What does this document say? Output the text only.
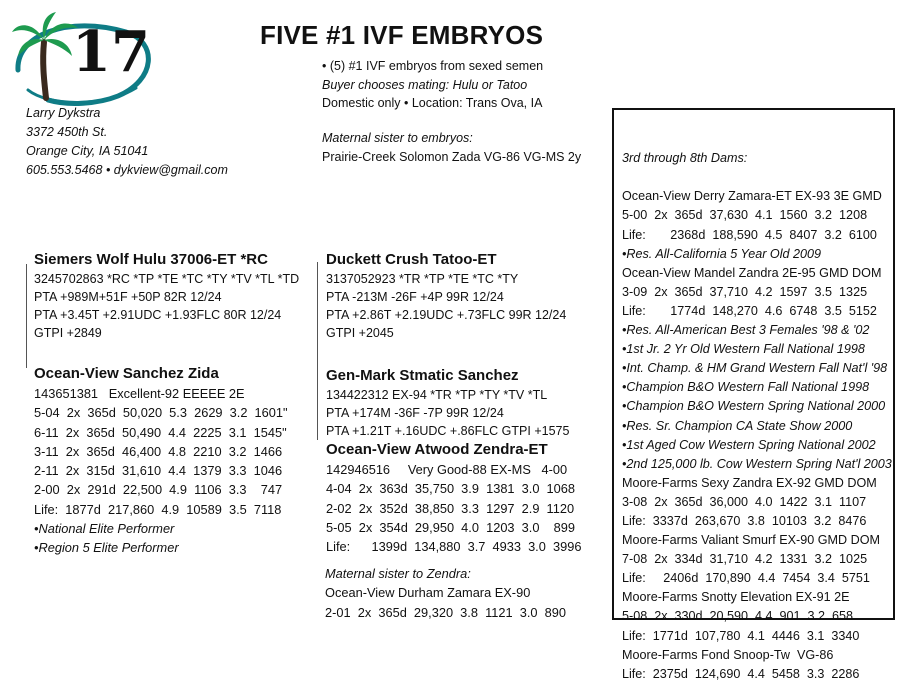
17	FIVE #1 IVF EMBRYOS
Larry Dykstra
3372 450th St.
Orange City, IA 51041
605.553.5468 • dykview@gmail.com
• (5) #1 IVF embryos from sexed semen
Buyer chooses mating: Hulu or Tatoo
Domestic only • Location: Trans Ova, IA
Maternal sister to embryos:
Prairie-Creek Solomon Zada VG-86 VG-MS 2y
Siemers Wolf Hulu 37006-ET *RC
3245702863 *RC *TP *TE *TC *TY *TV *TL *TD
PTA +989M+51F +50P 82R 12/24
PTA +3.45T +2.91UDC +1.93FLC 80R 12/24
GTPI +2849
Duckett Crush Tatoo-ET
3137052923 *TR *TP *TE *TC *TY
PTA -213M -26F +4P 99R 12/24
PTA +2.86T +2.19UDC +.73FLC 99R 12/24
GTPI +2045
Ocean-View Sanchez Zida
143651381   Excellent-92 EEEEE 2E
5-04  2x  365d  50,020  5.3  2629  3.2  1601"
6-11  2x  365d  50,490  4.4  2225  3.1  1545"
3-11  2x  365d  46,400  4.8  2210  3.2  1466
2-11  2x  315d  31,610  4.4  1379  3.3  1046
2-00  2x  291d  22,500  4.9  1106  3.3    747
Life:  1877d  217,860  4.9  10589  3.5  7118
•National Elite Performer
•Region 5 Elite Performer
Gen-Mark Stmatic Sanchez
134422312 EX-94 *TR *TP *TY *TV *TL
PTA +174M -36F -7P 99R 12/24
PTA +1.21T +.16UDC +.86FLC GTPI +1575
Ocean-View Atwood Zendra-ET
142946516     Very Good-88 EX-MS   4-00
4-04  2x  363d  35,750  3.9  1381  3.0  1068
2-02  2x  352d  38,850  3.3  1297  2.9  1120
5-05  2x  354d  29,950  4.0  1203  3.0    899
Life:      1399d  134,880  3.7  4933  3.0  3996
Maternal sister to Zendra:
Ocean-View Durham Zamara EX-90
2-01  2x  365d  29,320  3.8  1121  3.0  890

3rd through 8th Dams:

Ocean-View Derry Zamara-ET EX-93 3E GMD
5-00  2x  365d  37,630  4.1  1560  3.2  1208
Life:       2368d  188,590  4.5  8407  3.2  6100
•Res. All-California 5 Year Old 2009
Ocean-View Mandel Zandra 2E-95 GMD DOM
3-09  2x  365d  37,710  4.2  1597  3.5  1325
Life:       1774d  148,270  4.6  6748  3.5  5152
•Res. All-American Best 3 Females '98 & '02
•1st Jr. 2 Yr Old Western Fall National 1998
•Int. Champ. & HM Grand Western Fall Nat'l '98
•Champion B&O Western Fall National 1998
•Champion B&O Western Spring National 2000
•Res. Sr. Champion CA State Show 2000
•1st Aged Cow Western Spring National 2002
•2nd 125,000 lb. Cow Western Spring Nat'l 2003
Moore-Farms Sexy Zandra EX-92 GMD DOM
3-08  2x  365d  36,000  4.0  1422  3.1  1107
Life:  3337d  263,670  3.8  10103  3.2  8476
Moore-Farms Valiant Smurf EX-90 GMD DOM
7-08  2x  334d  31,710  4.2  1331  3.2  1025
Life:     2406d  170,890  4.4  7454  3.4  5751
Moore-Farms Snotty Elevation EX-91 2E
5-08  2x  330d  20,590  4.4  901  3.2  658
Life:  1771d  107,780  4.1  4446  3.1  3340
Moore-Farms Fond Snoop-Tw  VG-86
Life:  2375d  124,690  4.4  5458  3.3  2286
